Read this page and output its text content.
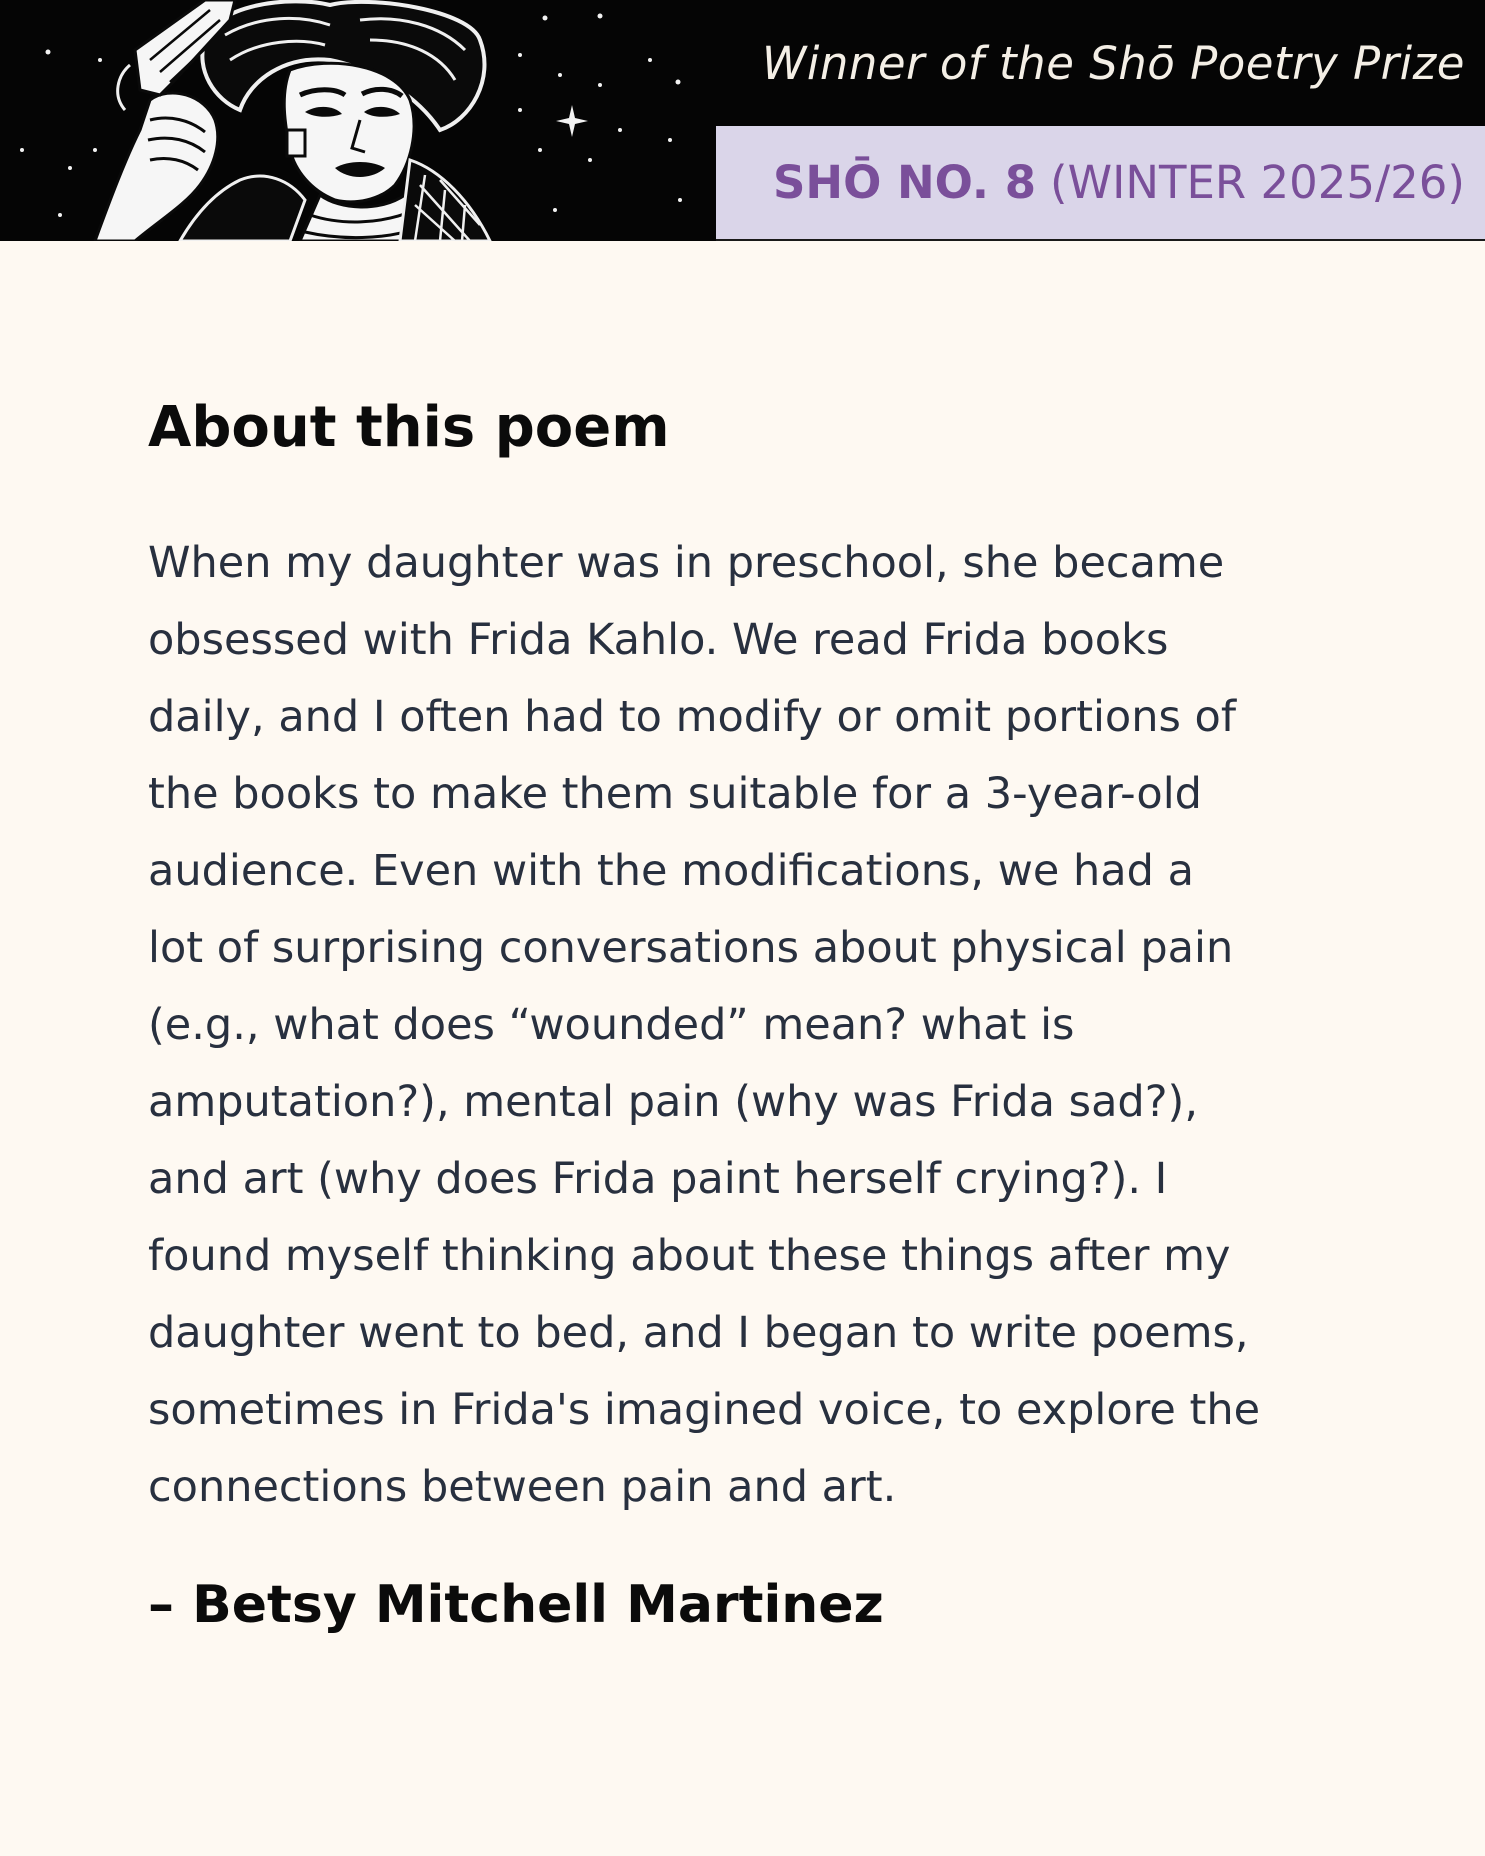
Winner of the Shō Poetry Prize
SHŌ NO. 8 (WINTER 2025/26)
About this poem
When my daughter was in preschool, she became
obsessed with Frida Kahlo. We read Frida books
daily, and I often had to modify or omit portions of
the books to make them suitable for a 3-year-old
audience. Even with the modifications, we had a
lot of surprising conversations about physical pain
(e.g., what does “wounded” mean? what is
amputation?), mental pain (why was Frida sad?),
and art (why does Frida paint herself crying?). I
found myself thinking about these things after my
daughter went to bed, and I began to write poems,
sometimes in Frida's imagined voice, to explore the
connections between pain and art.
– Betsy Mitchell Martinez
